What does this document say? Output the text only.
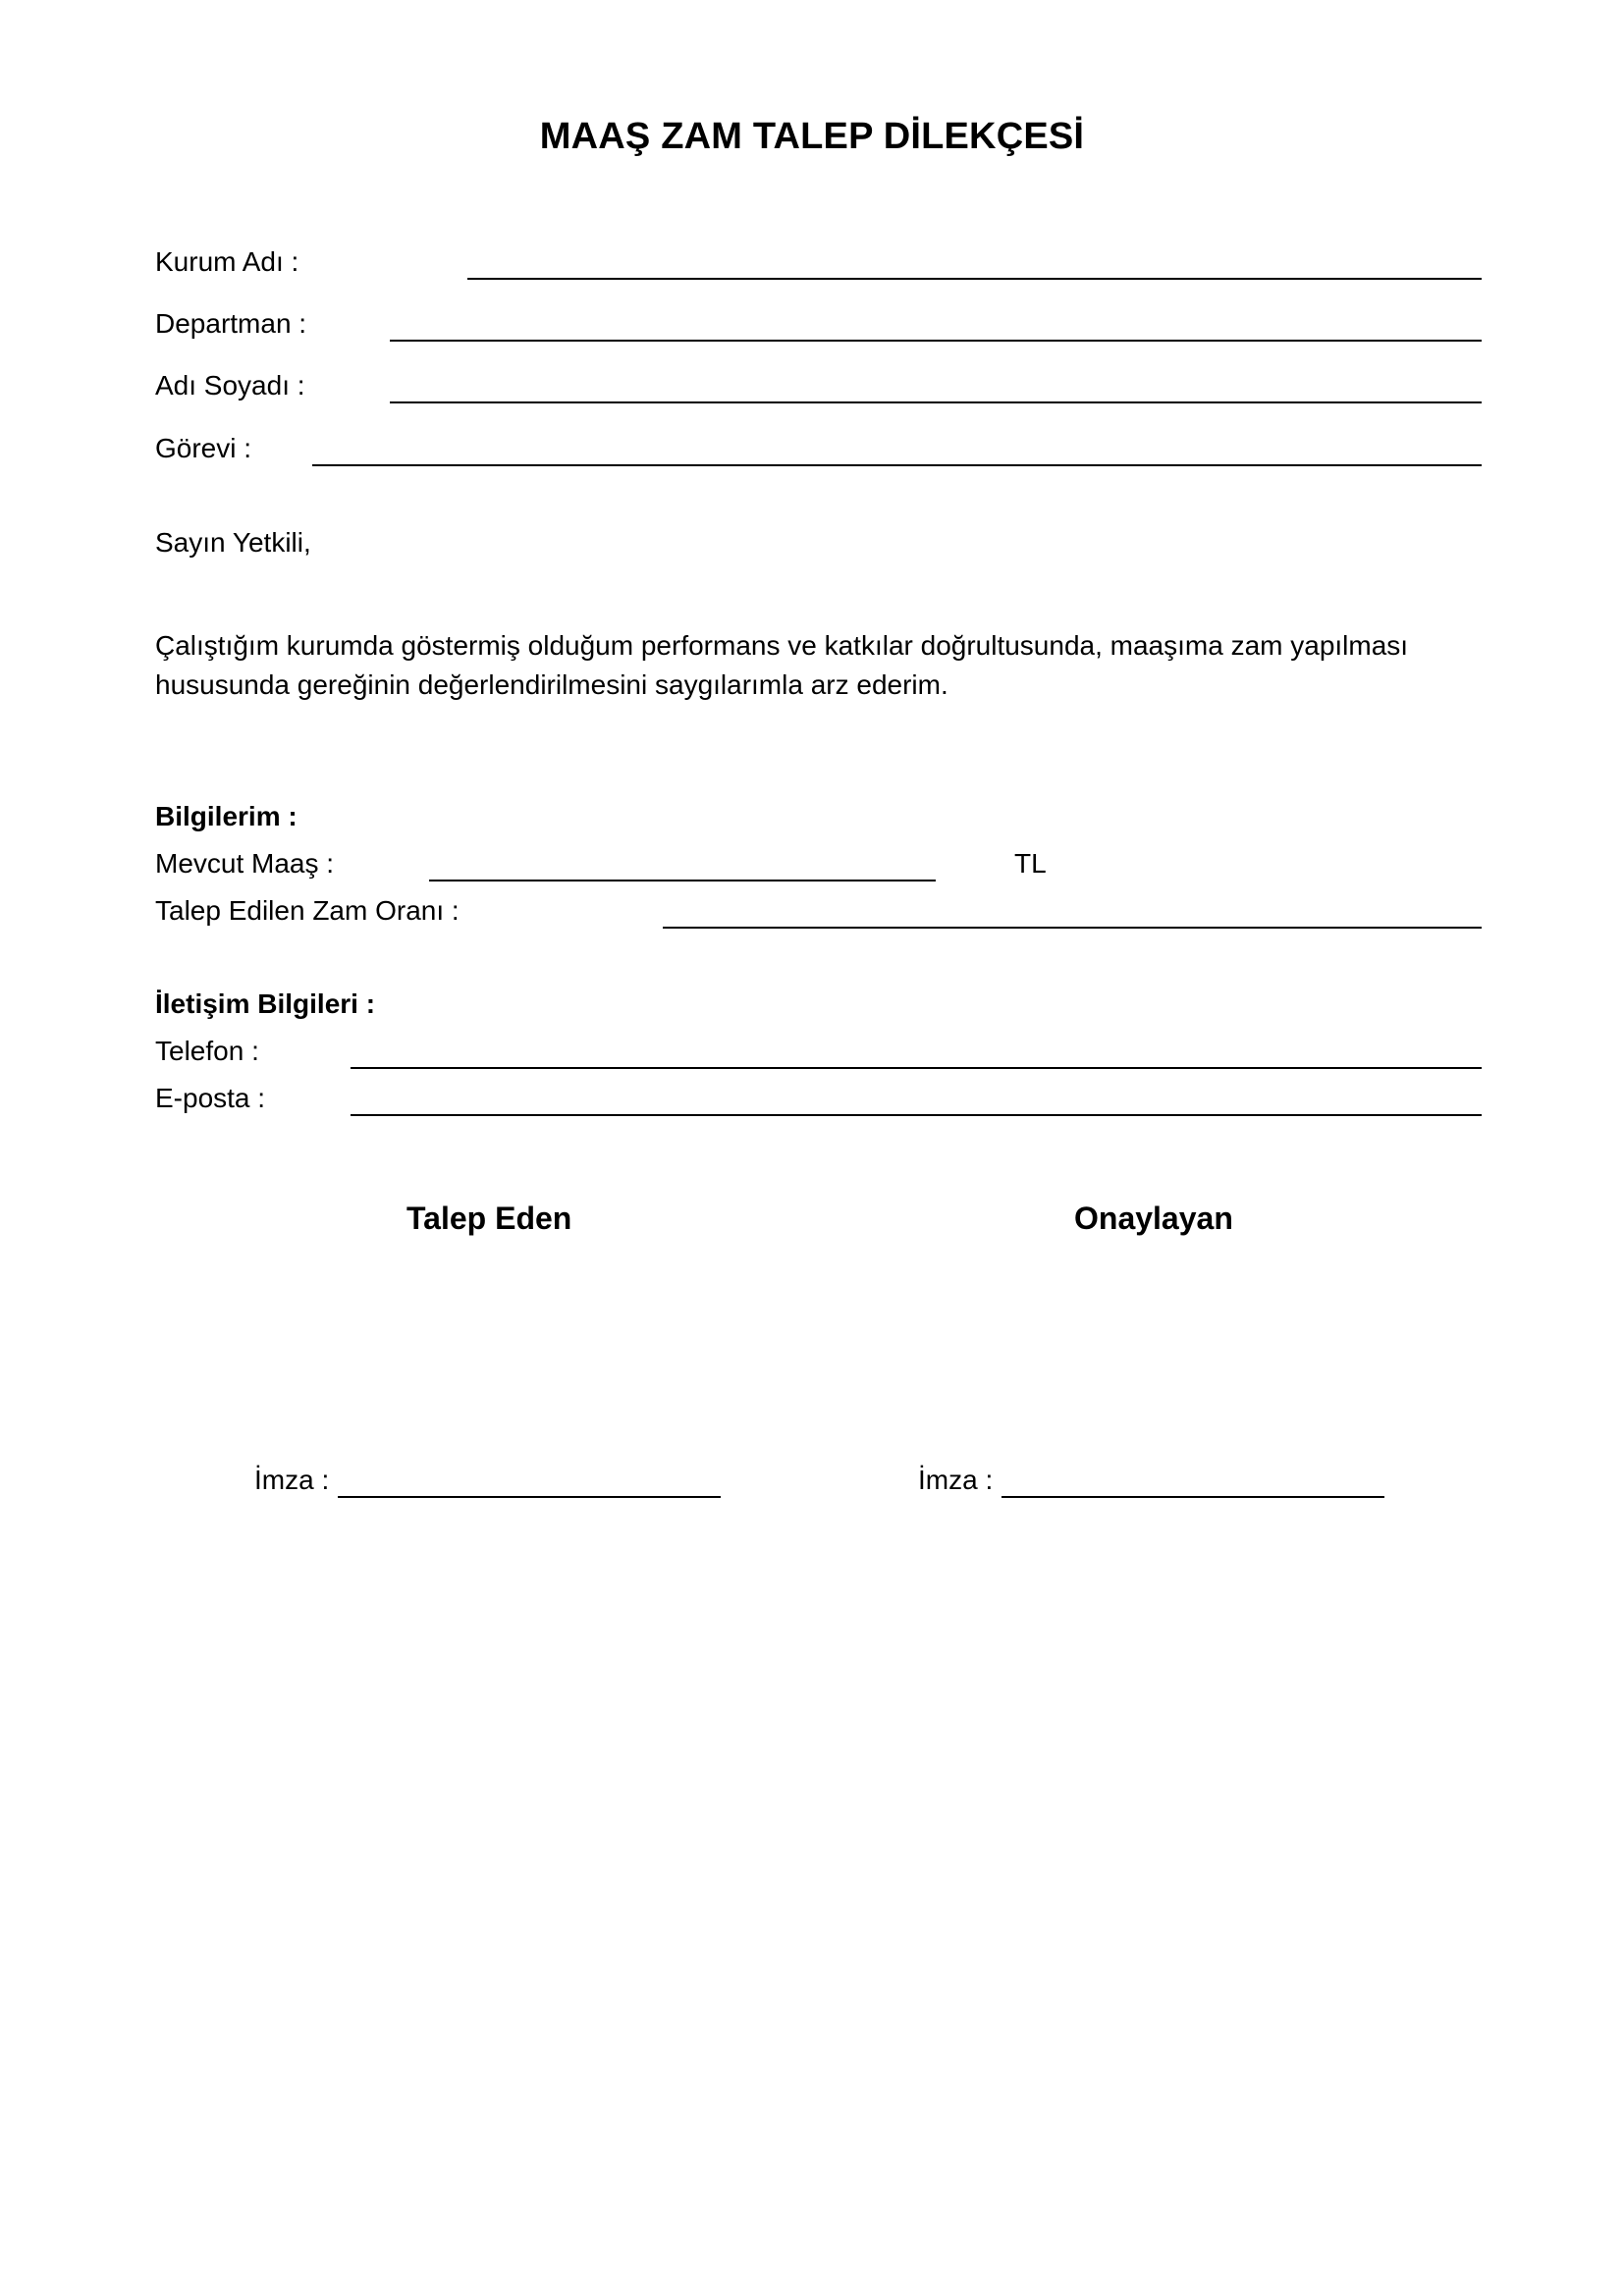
MAAŞ ZAM TALEP DİLEKÇESİ
Kurum Adı :
Departman :
Adı Soyadı :
Görevi :
Sayın Yetkili,

Çalıştığım kurumda göstermiş olduğum performans ve katkılar doğrultusunda, maaşıma zam yapılması

hususunda gereğinin değerlendirilmesini saygılarımla arz ederim.

Bilgilerim :
Mevcut Maaş :	TL
Talep Edilen Zam Oranı :
İletişim Bilgileri :
Telefon :
E-posta :
Talep Eden	Onaylayan
İmza :	İmza :
